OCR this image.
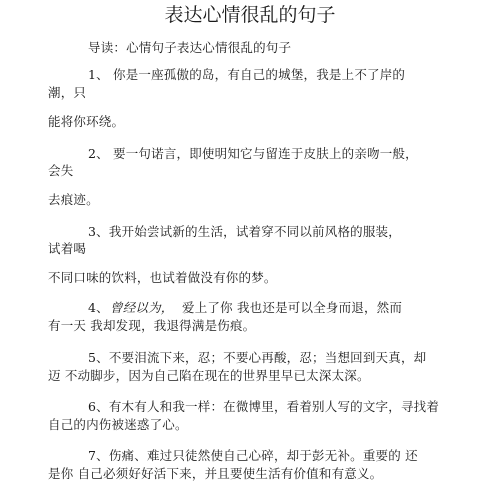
表达心情很乱的句子
导读：心情句子表达心情很乱的句子
1、 你是一座孤傲的岛，有自己的城堡，我是上不了岸的
潮，只
能将你环绕。
2、 要一句诺言，即使明知它与留连于皮肤上的亲吻一般，
会失
去痕迹。
3、我开始尝试新的生活，试着穿不同以前风格的服装，
试着喝
不同口味的饮料，也试着做没有你的梦。
4、 曾经以为， 爱上了你 我也还是可以全身而退，然而
有一天 我却发现，我退得满是伤痕。
5、不要泪流下来，忍；不要心再酸，忍；当想回到天真，却
迈 不动脚步，因为自己陷在现在的世界里早已太深太深。
6、有木有人和我一样：在微博里，看着别人写的文字，寻找着
自己的内伤被迷惑了心。
7、伤痛、难过只徒然使自己心碎，却于彭无补。重要的 还
是你 自己必须好好活下来，并且要使生活有价值和有意义。
